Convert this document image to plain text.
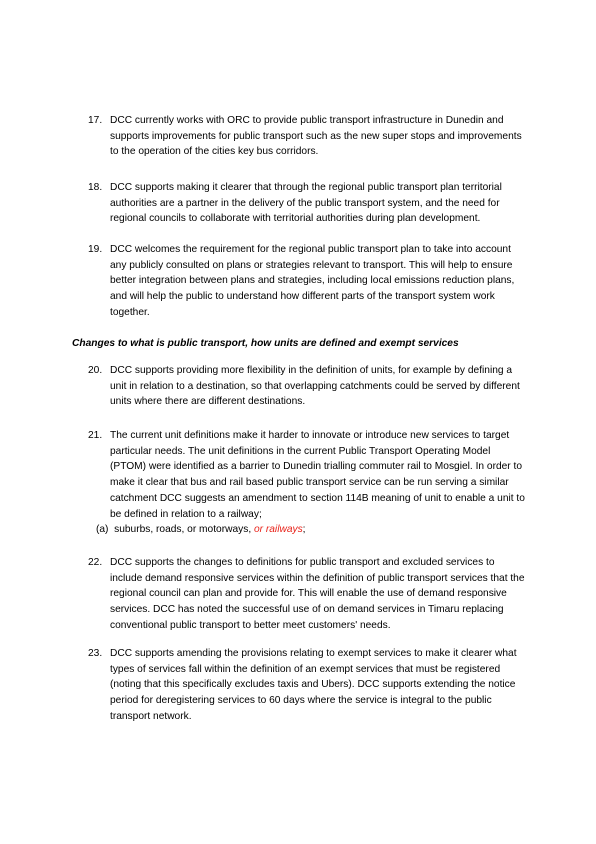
17. DCC currently works with ORC to provide public transport infrastructure in Dunedin and supports improvements for public transport such as the new super stops and improvements to the operation of the cities key bus corridors.
18. DCC supports making it clearer that through the regional public transport plan territorial authorities are a partner in the delivery of the public transport system, and the need for regional councils to collaborate with territorial authorities during plan development.
19. DCC welcomes the requirement for the regional public transport plan to take into account any publicly consulted on plans or strategies relevant to transport. This will help to ensure better integration between plans and strategies, including local emissions reduction plans, and will help the public to understand how different parts of the transport system work together.
Changes to what is public transport, how units are defined and exempt services
20. DCC supports providing more flexibility in the definition of units, for example by defining a unit in relation to a destination, so that overlapping catchments could be served by different units where there are different destinations.
21. The current unit definitions make it harder to innovate or introduce new services to target particular needs. The unit definitions in the current Public Transport Operating Model (PTOM) were identified as a barrier to Dunedin trialling commuter rail to Mosgiel. In order to make it clear that bus and rail based public transport service can be run serving a similar catchment DCC suggests an amendment to section 114B meaning of unit to enable a unit to be defined in relation to a railway;
(a) suburbs, roads, or motorways, or railways;
22. DCC supports the changes to definitions for public transport and excluded services to include demand responsive services within the definition of public transport services that the regional council can plan and provide for. This will enable the use of demand responsive services. DCC has noted the successful use of on demand services in Timaru replacing conventional public transport to better meet customers' needs.
23. DCC supports amending the provisions relating to exempt services to make it clearer what types of services fall within the definition of an exempt services that must be registered (noting that this specifically excludes taxis and Ubers). DCC supports extending the notice period for deregistering services to 60 days where the service is integral to the public transport network.
